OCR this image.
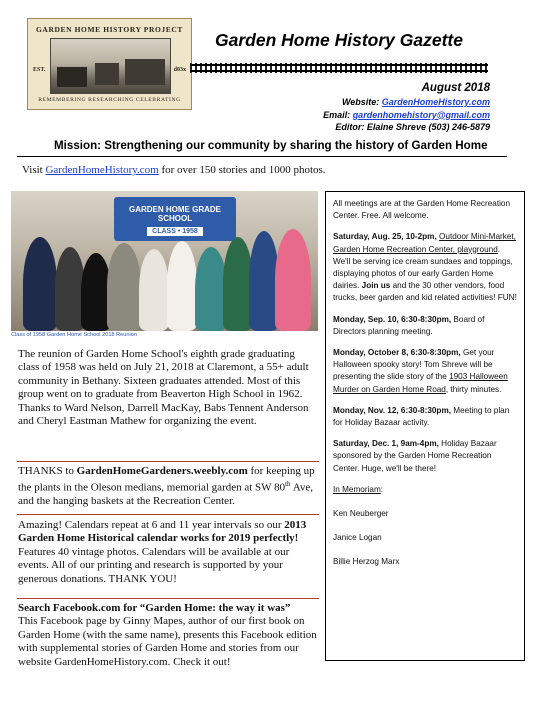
GARDEN HOME HISTORY PROJECT
EST.	d03x
REMEMBERING RESEARCHING CELEBRATING
Garden Home History Gazette
August 2018
Website: GardenHomeHistory.com
Email: gardenhomehistory@gmail.com
Editor: Elaine Shreve (503) 246-5879
Mission: Strengthening our community by sharing the history of Garden Home
Visit GardenHomeHistory.com for over 150 stories and 1000 photos.
GARDEN HOME GRADE SCHOOL
CLASS • 1958
Class of 1958 Garden Home School 2018 Reunion

The reunion of Garden Home School's eighth grade graduating class of 1958 was held on July 21, 2018 at Claremont, a 55+ adult community in Bethany. Sixteen graduates attended. Most of this group went on to graduate from Beaverton High School in 1962. Thanks to Ward Nelson, Darrell MacKay, Babs Tennent Anderson and Cheryl Eastman Mathew for organizing the event.

THANKS to GardenHomeGardeners.weebly.com for keeping up the plants in the Oleson medians, memorial garden at SW 80th Ave, and the hanging baskets at the Recreation Center.

Amazing! Calendars repeat at 6 and 11 year intervals so our 2013 Garden Home Historical calendar works for 2019 perfectly! Features 40 vintage photos. Calendars will be available at our events. All of our printing and research is supported by your generous donations. THANK YOU!

Search Facebook.com for “Garden Home: the way it was”

This Facebook page by Ginny Mapes, author of our first book on Garden Home (with the same name), presents this Facebook edition with supplemental stories of Garden Home and stories from our website GardenHomeHistory.com. Check it out!

All meetings are at the Garden Home Recreation Center. Free. All welcome.

Saturday, Aug. 25, 10-2pm, Outdoor Mini-Market, Garden Home Recreation Center, playground. We'll be serving ice cream sundaes and toppings, displaying photos of our early Garden Home dairies. Join us and the 30 other vendors, food trucks, beer garden and kid related activities! FUN!

Monday, Sep. 10, 6:30-8:30pm, Board of Directors planning meeting.

Monday, October 8, 6:30-8:30pm, Get your Halloween spooky story! Tom Shreve will be presenting the slide story of the 1903 Halloween Murder on Garden Home Road, thirty minutes.

Monday, Nov. 12, 6:30-8:30pm, Meeting to plan for Holiday Bazaar activity.

Saturday, Dec. 1, 9am-4pm, Holiday Bazaar sponsored by the Garden Home Recreation Center. Huge, we'll be there!

In Memoriam:

Ken Neuberger

Janice Logan

Billie Herzog Marx
